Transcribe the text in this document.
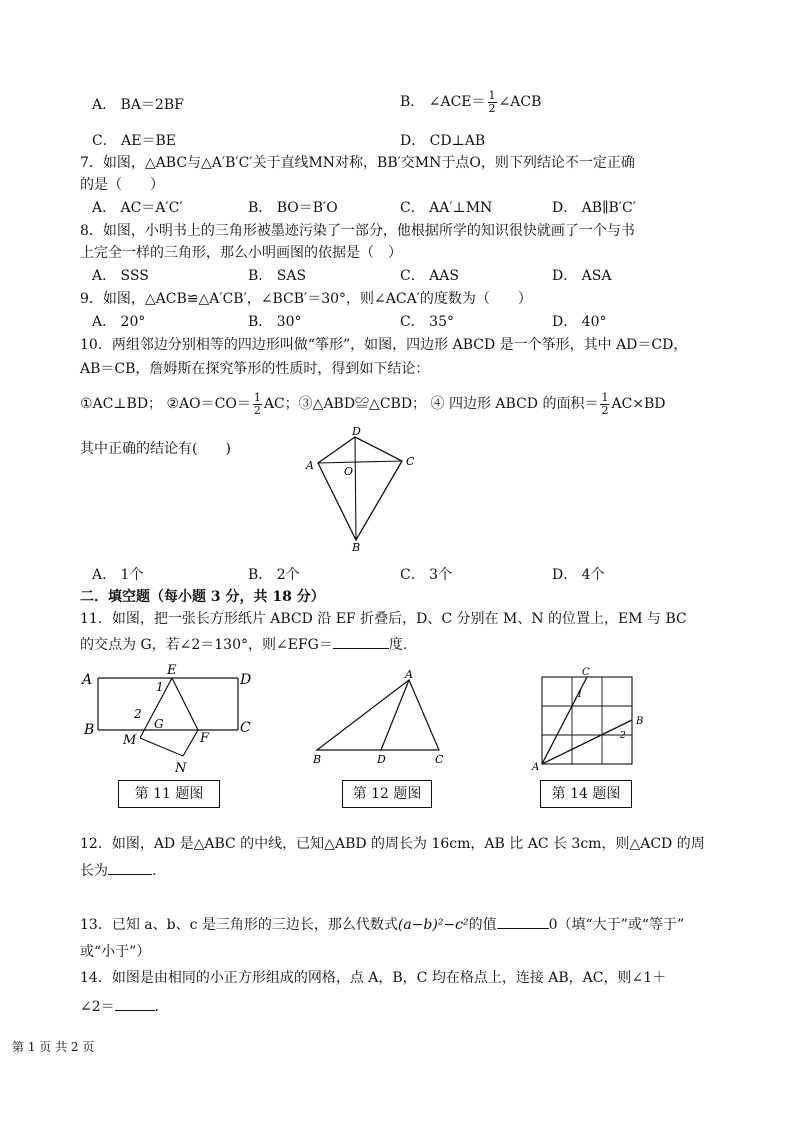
A． BA＝2BF	B． ∠ACE＝ $\frac{1}{2}$ ∠ACB
C． AE＝BE	D． CD⊥AB
7．如图，△ABC与△A′B′C′关于直线MN对称，BB′交MN于点O，则下列结论不一定正确
的是（　　）
A． AC＝A′C′	B． BO＝B′O	C． AA′⊥MN	D． AB∥B′C′
8．如图，小明书上的三角形被墨迹污染了一部分，他根据所学的知识很快就画了一个与书
上完全一样的三角形，那么小明画图的依据是（　）
A． SSS	B． SAS	C． AAS	D． ASA
9．如图，△ACB≌△A′CB′，∠BCB′＝30°，则∠ACA′的度数为（　　）
A． 20°	B． 30°	C． 35°	D． 40°
10．两组邻边分别相等的四边形叫做“筝形”，如图，四边形 ABCD 是一个筝形，其中 AD＝CD，
AB＝CB，詹姆斯在探究筝形的性质时，得到如下结论：
①AC⊥BD； ②AO＝CO＝ $\frac{1}{2}$ AC；③△ABD≌△CBD； ④ 四边形 ABCD 的面积＝ $\frac{1}{2} AC\times BD$
其中正确的结论有(　　)
A
D
C
O
B
A． 1个	B． 2个	C． 3个	D． 4个
二．填空题（每小题 3 分，共 18 分）
11．如图，把一张长方形纸片 ABCD 沿 EF 折叠后，D、C 分别在 M、N 的位置上，EM 与 BC
的交点为 G，若∠2＝130°，则∠EFG＝	度.
A
E
D
B	C
G
M	F
N
1
2
第 11 题图
A
B	D	C
第 12 题图
C
B
A
1
2
第 14 题图
12．如图，AD 是△ABC 的中线，已知△ABD 的周长为 16cm，AB 比 AC 长 3cm，则△ACD 的周
长为	.
13．已知 a、b、c 是三角形的三边长，那么代数式(a−b)²−c²的值	0（填“大于”或“等于”
或“小于”）
14．如图是由相同的小正方形组成的网格，点 A，B，C 均在格点上，连接 AB，AC，则∠1＋
∠2＝	.
第 1 页 共 2 页
